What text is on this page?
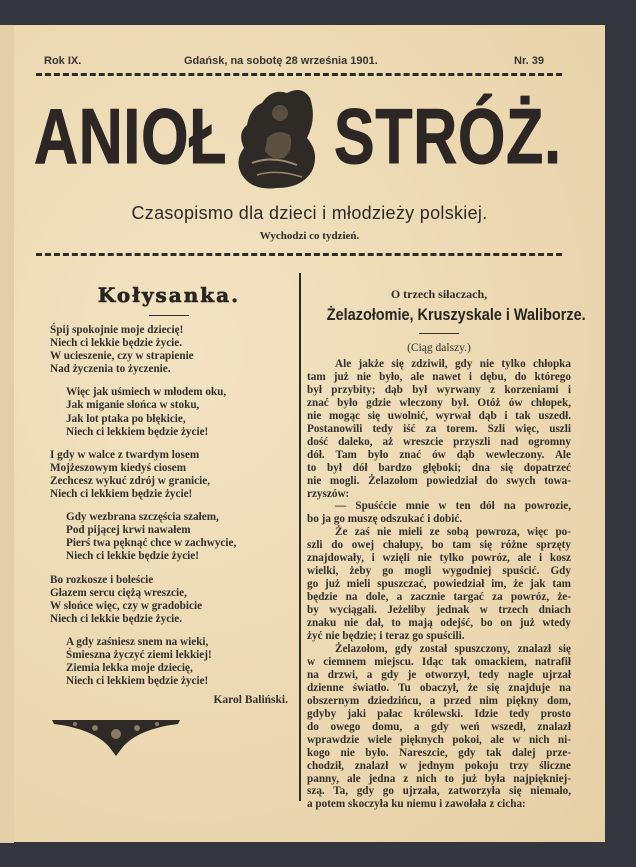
Rok IX.	Gdańsk, na sobotę 28 września 1901.	Nr. 39
ANIOŁ STRÓŻ.
Czasopismo dla dzieci i młodzieży polskiej.
Wychodzi co tydzień.
Kołysanka.
Śpij spokojnie moje dziecię!
Niech ci lekkie będzie życie.
W ucieszenie, czy w strapienie
Nad życzenia to życzenie.
Więc jak uśmiech w młodem oku,
Jak miganie słońca w stoku,
Jak lot ptaka po błękicie,
Niech ci lekkiem będzie życie!
I gdy w walce z twardym losem
Mojżeszowym kiedyś ciosem
Zechcesz wykuć zdrój w granicie,
Niech ci lekkiem będzie życie!
Gdy wezbrana szczęścia szałem,
Pod pijącej krwi nawałem
Pierś twa pęknąć chce w zachwycie,
Niech ci lekkie będzie życie!
Bo rozkosze i boleście
Głazem sercu ciężą wreszcie,
W słońce więc, czy w gradobicie
Niech ci lekkie będzie życie.
A gdy zaśniesz snem na wieki,
Śmieszna życzyć ziemi lekkiej!
Ziemia lekka moje dziecię,
Niech ci lekkiem będzie życie!
Karol Baliński.
O trzech siłaczach,
Żelazołomie, Kruszyskale i Waliborze.
(Ciąg dalszy.)
Ale jakże się zdziwił, gdy nie tylko chłopka
tam już nie było, ale nawet i dębu, do którego
był przybity; dąb był wyrwany z korzeniami i
znać było gdzie wleczony był. Otóż ów chłopek,
nie mogąc się uwolnić, wyrwał dąb i tak uszedł.
Postanowili tedy iść za torem. Szli więc, uszli
dość daleko, aż wreszcie przyszli nad ogromny
dół. Tam było znać ów dąb wewleczony. Ale
to był dół bardzo głęboki; dna się dopatrzeć
nie mogli. Żelazołom powiedział do swych towa-
rzyszów:
— Spuśćcie mnie w ten dół na powrozie,
bo ja go muszę odszukać i dobić.
Że zaś nie mieli ze sobą powroza, więc po-
szli do owej chałupy, bo tam się różne sprzęty
znajdowały, i wzięli nie tylko powróz, ale i kosz
wielki, żeby go mogli wygodniej spuścić. Gdy
go już mieli spuszczać, powiedział im, że jak tam
będzie na dole, a zacznie targać za powróz, że-
by wyciągali. Jeżeliby jednak w trzech dniach
znaku nie dał, to mają odejść, bo on już wtedy
żyć nie będzie; i teraz go spuścili.
Żelazołom, gdy został spuszczony, znalazł się
w ciemnem miejscu. Idąc tak omackiem, natrafił
na drzwi, a gdy je otworzył, tedy nagle ujrzał
dzienne światło. Tu obaczył, że się znajduje na
obszernym dziedzińcu, a przed nim piękny dom,
gdyby jaki pałac królewski. Idzie tedy prosto
do owego domu, a gdy weń wszedł, znalazł
wprawdzie wiele pięknych pokoi, ale w nich ni-
kogo nie było. Nareszcie, gdy tak dalej prze-
chodził, znalazł w jednym pokoju trzy śliczne
panny, ale jedna z nich to już była najpiękniej-
szą. Ta, gdy go ujrzała, zatworzyła się niemało,
a potem skoczyła ku niemu i zawołała z cicha:
